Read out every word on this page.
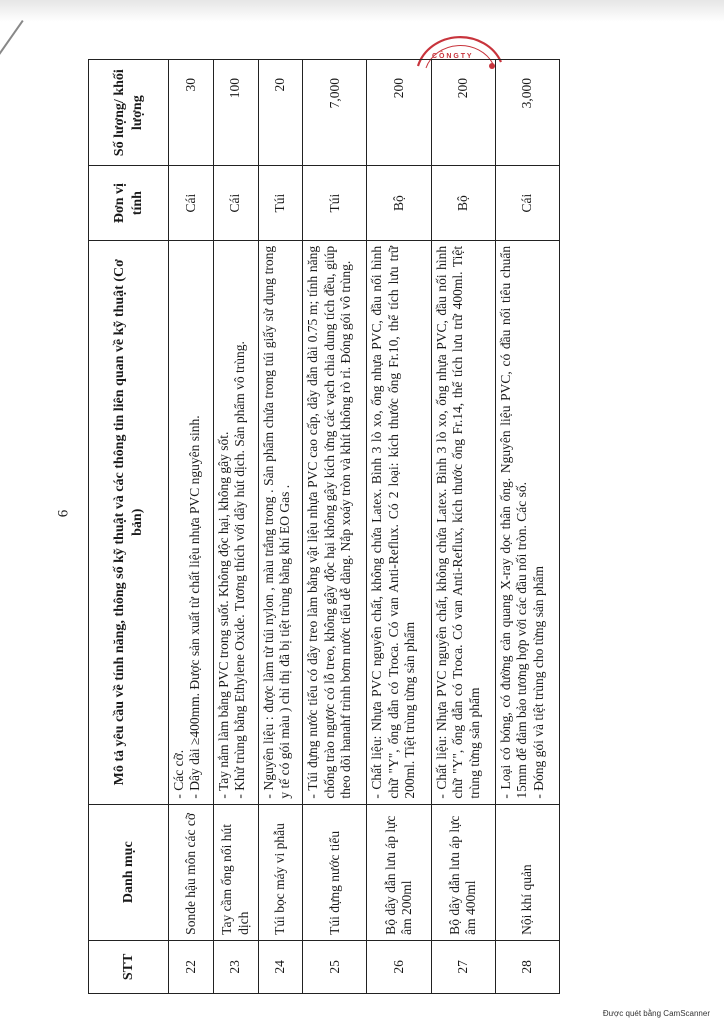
C Ô N G T Y
6
STT	Danh mục	Mô tả yêu cầu về tính năng, thông số kỹ thuật và các thông tin liên quan về kỹ thuật (Cơ bản)	Đơn vị tính	Số lượng/ khối lượng
22	Sonde hậu môn các cỡ	- Các cỡ. - Dây dài ≥400mm. Được sản xuất từ chất liệu nhựa PVC nguyên sinh.	Cái	30
23	Tay cầm ống nối hút dịch	- Tay nắm làm bằng PVC trong suốt. Không độc hại, không gây sốt. - Khử trùng bằng Ethylene Oxide. Tương thích với dây hút dịch. Sản phẩm vô trùng.	Cái	100
24	Túi bọc máy vi phẫu	- Nguyên liệu : được làm từ túi nylon , màu trắng trong . Sản phẩm chứa trong túi giấy sử dụng trong y tế có gói màu ) chỉ thị đã bị tiệt trùng bằng khí EO Gas .	Túi	20
25	Túi đựng nước tiểu	- Túi đựng nước tiểu có dây treo làm bằng vật liệu nhựa PVC cao cấp, dây dẫn dài 0.75 m; tính năng chống trào ngược có lỗ treo, không gây độc hại không gây kích ứng các vạch chia dung tích đều, giúp theo dõi hanahf trình bơm nước tiểu dễ dàng. Nắp xoáy tròn và khít không rò rỉ. Đóng gói vô trùng.	Túi	7,000
26	Bộ dây dẫn lưu áp lực âm 200ml	- Chất liệu: Nhựa PVC nguyên chất, không chứa Latex. Bình 3 lò xo, ống nhựa PVC, đầu nối hình chữ "Y", ống dẫn có Troca. Có van Anti-Reflux. Có 2 loại: kích thước ống Fr.10, thể tích lưu trữ 200ml. Tiệt trùng từng sản phẩm	Bộ	200
27	Bộ dây dẫn lưu áp lực âm 400ml	- Chất liệu: Nhựa PVC nguyên chất, không chứa Latex. Bình 3 lò xo, ống nhựa PVC, đầu nối hình chữ "Y", ống dẫn có Troca. Có van Anti-Reflux, kích thước ống Fr.14, thể tích lưu trữ 400ml. Tiệt trùng từng sản phẩm	Bộ	200
28	Nội khí quản	- Loại có bóng, có đường cản quang X-ray dọc thân ống. Nguyên liệu PVC, có đầu nối tiêu chuẩn 15mm để đảm bảo tương hợp với các đầu nối tròn. Các số. - Đóng gói và tiệt trùng cho từng sản phẩm	Cái	3,000
Được quét bằng CamScanner
